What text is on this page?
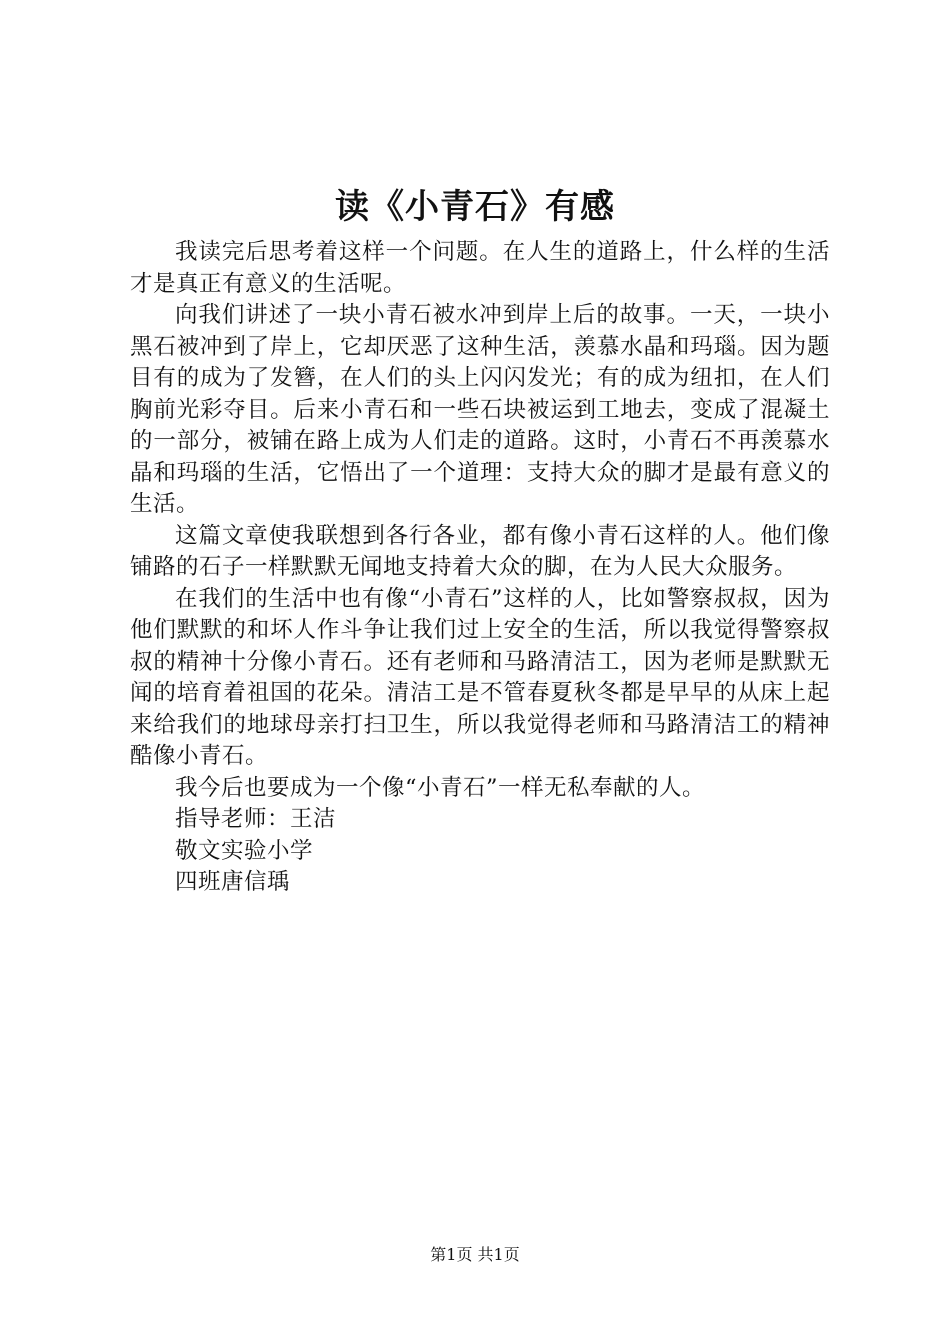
读《小青石》有感

我读完后思考着这样一个问题。在人生的道路上，什么样的生活才是真正有意义的生活呢。

向我们讲述了一块小青石被水冲到岸上后的故事。一天，一块小黑石被冲到了岸上，它却厌恶了这种生活，羡慕水晶和玛瑙。因为题目有的成为了发簪，在人们的头上闪闪发光；有的成为纽扣，在人们胸前光彩夺目。后来小青石和一些石块被运到工地去，变成了混凝土的一部分，被铺在路上成为人们走的道路。这时，小青石不再羡慕水晶和玛瑙的生活，它悟出了一个道理：支持大众的脚才是最有意义的生活。

这篇文章使我联想到各行各业，都有像小青石这样的人。他们像铺路的石子一样默默无闻地支持着大众的脚，在为人民大众服务。

在我们的生活中也有像“小青石”这样的人，比如警察叔叔，因为他们默默的和坏人作斗争让我们过上安全的生活，所以我觉得警察叔叔的精神十分像小青石。还有老师和马路清洁工，因为老师是默默无闻的培育着祖国的花朵。清洁工是不管春夏秋冬都是早早的从床上起来给我们的地球母亲打扫卫生，所以我觉得老师和马路清洁工的精神酷像小青石。

我今后也要成为一个像“小青石”一样无私奉献的人。

指导老师：王洁

敬文实验小学

四班唐信瑀

第1页 共1页
